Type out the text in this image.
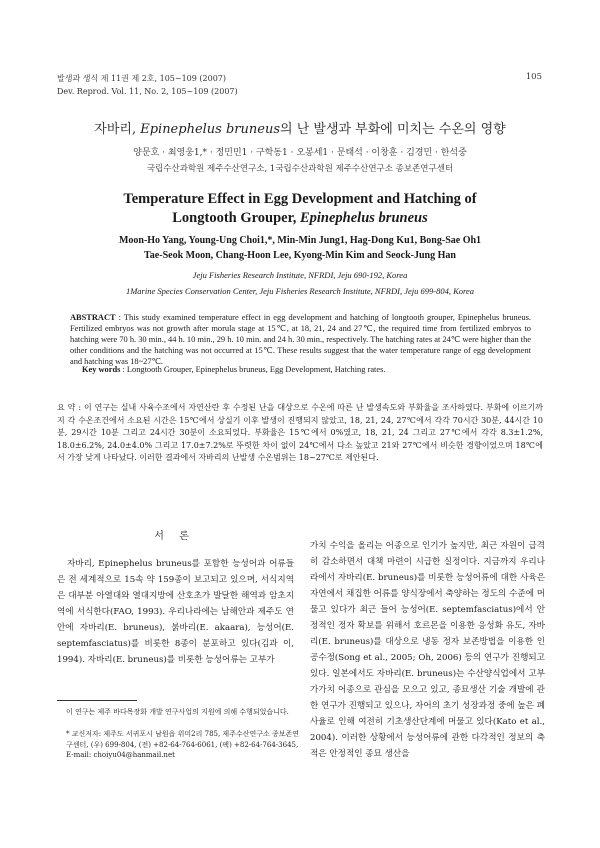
발생과 생식 제 11권 제 2호, 105~109 (2007)
Dev. Reprod. Vol. 11, No. 2, 105~109 (2007)
105
자바리, Epinephelus bruneus의 난 발생과 부화에 미치는 수온의 영향
양문호 · 최영웅1,* · 정민민1 · 구학동1 · 오봉세1 · 문태석 · 이창훈 · 김경민 · 한석중
국립수산과학원 제주수산연구소, 1국립수산과학원 제주수산연구소 종보존연구센터
Temperature Effect in Egg Development and Hatching of
Longtooth Grouper, Epinephelus bruneus
Moon-Ho Yang, Young-Ung Choi1,*, Min-Min Jung1, Hag-Dong Ku1, Bong-Sae Oh1
Tae-Seok Moon, Chang-Hoon Lee, Kyong-Min Kim and Seock-Jung Han
Jeju Fisheries Research Institute, NFRDI, Jeju 690-192, Korea
1Marine Species Conservation Center, Jeju Fisheries Research Institute, NFRDI, Jeju 699-804, Korea
ABSTRACT : This study examined temperature effect in egg development and hatching of longtooth grouper, Epinephelus bruneus. Fertilized embryos was not growth after morula stage at 15℃, at 18, 21, 24 and 27℃, the required time from fertilized embryos to hatching were 70 h. 30 min., 44 h. 10 min., 29 h. 10 min. and 24 h. 30 min., respectively. The hatching rates at 24℃ were higher than the other conditions and the hatching was not occurred at 15℃. These results suggest that the water temperature range of egg development and hatching was 18~27℃.
Key words : Longtooth Grouper, Epinephelus bruneus, Egg Development, Hatching rates.
요 약 : 이 연구는 실내 사육수조에서 자연산란 후 수정된 난을 대상으로 수온에 따른 난 발생속도와 부화율을 조사하였다. 부화에 이르기까지 각 수온조건에서 소요된 시간은 15℃에서 상실기 이후 발생이 진행되지 않았고, 18, 21, 24, 27℃에서 각각 70시간 30분, 44시간 10분, 29시간 10분 그리고 24시간 30분이 소요되었다. 부화율은 15℃에서 0%였고, 18, 21, 24 그리고 27℃에서 각각 8.3±1.2%, 18.0±6.2%, 24.0±4.0% 그리고 17.0±7.2%로 뚜렷한 차이 없이 24℃에서 다소 높았고 21와 27℃에서 비슷한 경향이었으며 18℃에서 가장 낮게 나타났다. 이러한 결과에서 자바리의 난발생 수온범위는 18~27℃로 제안된다.
서 론
자바리, Epinephelus bruneus를 포함한 능성어과 어류들은 전 세계적으로 15속 약 159종이 보고되고 있으며, 서식지역은 대부분 아열대와 열대지방에 산호초가 발달한 해역과 암초지역에 서식한다(FAO, 1993). 우리나라에는 남해안과 제주도 연안에 자바리(E. bruneus), 붉바리(E. akaara), 능성어(E. septemfasciatus)를 비롯한 8종이 분포하고 있다(김과 이, 1994). 자바리(E. bruneus)를 비롯한 능성어류는 고부가
가치 수익을 올리는 어종으로 인기가 높지만, 최근 자원이 급격히 감소하면서 대책 마련이 시급한 실정이다. 지금까지 우리나라에서 자바리(E. bruneus)를 비롯한 능성어류에 대한 사육은 자연에서 채집한 어류를 양식장에서 축양하는 정도의 수준에 머물고 있다가 최근 들어 능성어(E. septemfasciatus)에서 안정적인 정자 확보를 위해서 호르몬을 이용한 응성화 유도, 자바리(E. bruneus)를 대상으로 냉동 정자 보존방법을 이용한 인공수정(Song et al., 2005; Oh, 2006) 등의 연구가 진행되고 있다. 일본에서도 자바리(E. bruneus)는 수산양식업에서 고부가가치 어종으로 관심을 모으고 있고, 종묘생산 기술 개발에 관한 연구가 진행되고 있으나, 자어의 초기 성장과정 중에 높은 폐사율로 인해 여전히 기초생산단계에 머물고 있다(Kato et al., 2004). 이러한 상황에서 능성어류에 관한 다각적인 정보의 축적은 안정적인 종묘 생산을
이 연구는 제주 바다목장화 개발 연구사업의 지원에 의해 수행되었습니다.
* 교신저자: 제주도 서귀포시 남원읍 위미2리 785, 제주수산연구소 종보존연구센터, (우) 699-804, (전) +82-64-764-6061, (팩) +82-64-764-3645, E-mail: choiyu04@hanmail.net
